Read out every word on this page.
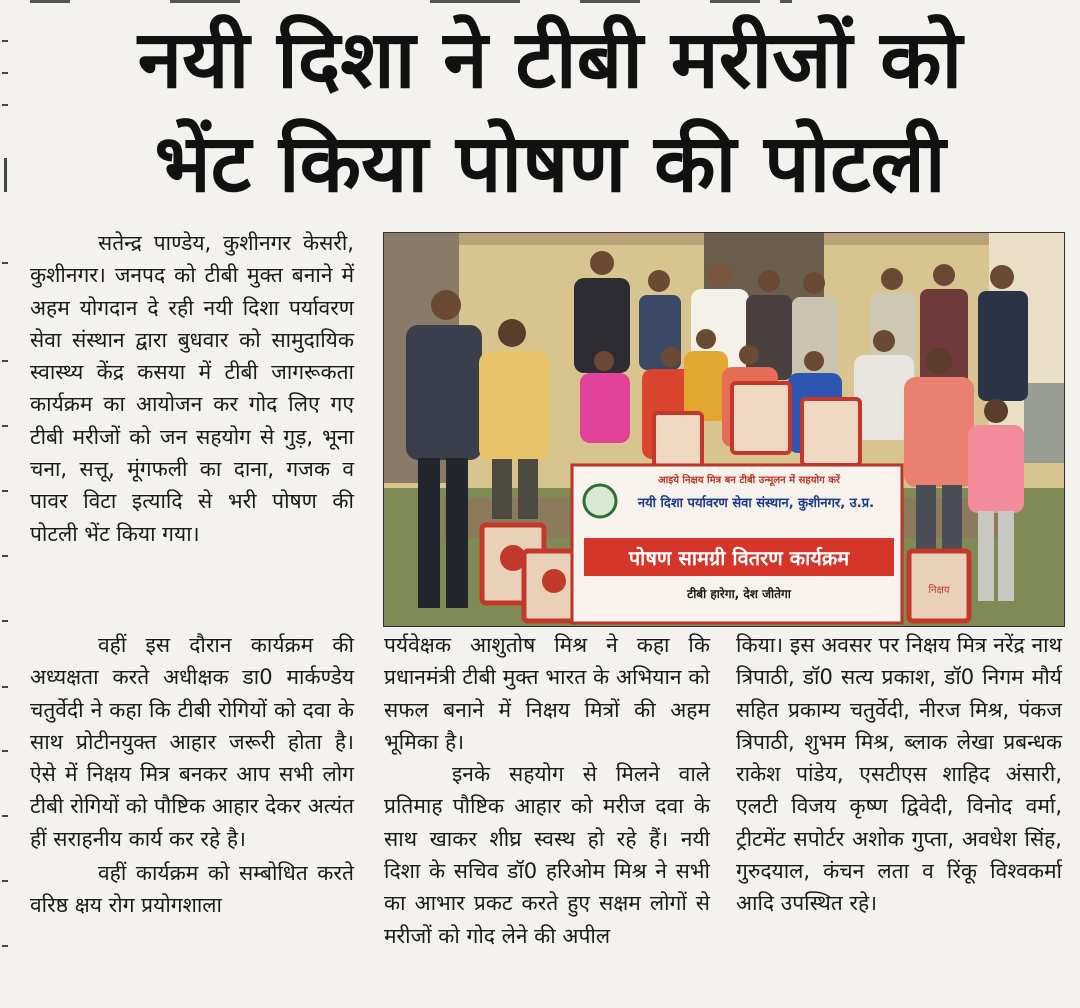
नयी दिशा ने टीबी मरीजों को
भेंट किया पोषण की पोटली

सतेन्द्र पाण्डेय, कुशीनगर केसरी, कुशीनगर। जनपद को टीबी मुक्त बनाने में अहम योगदान दे रही नयी दिशा पर्यावरण सेवा संस्थान द्वारा बुधवार को सामुदायिक स्वास्थ्य केंद्र कसया में टीबी जागरूकता कार्यक्रम का आयोजन कर गोद लिए गए टीबी मरीजों को जन सहयोग से गुड़, भूना चना, सत्तू, मूंगफली का दाना, गजक व पावर विटा इत्यादि से भरी पोषण की पोटली भेंट किया गया।

निक्षय
आइये निक्षय मित्र बन टीबी उन्मूलन में सहयोग करें
नयी दिशा पर्यावरण सेवा संस्थान, कुशीनगर, उ.प्र.
पोषण सामग्री वितरण कार्यक्रम
टीबी हारेगा, देश जीतेगा

वहीं इस दौरान कार्यक्रम की अध्यक्षता करते अधीक्षक डा0 मार्कण्डेय चतुर्वेदी ने कहा कि टीबी रोगियों को दवा के साथ प्रोटीनयुक्त आहार जरूरी होता है। ऐसे में निक्षय मित्र बनकर आप सभी लोग टीबी रोगियों को पौष्टिक आहार देकर अत्यंत हीं सराहनीय कार्य कर रहे है।

वहीं कार्यक्रम को सम्बोधित करते वरिष्ठ क्षय रोग प्रयोगशाला

पर्यवेक्षक आशुतोष मिश्र ने कहा कि प्रधानमंत्री टीबी मुक्त भारत के अभियान को सफल बनाने में निक्षय मित्रों की अहम भूमिका है।

इनके सहयोग से मिलने वाले प्रतिमाह पौष्टिक आहार को मरीज दवा के साथ खाकर शीघ्र स्वस्थ हो रहे हैं। नयी दिशा के सचिव डॉ0 हरिओम मिश्र ने सभी का आभार प्रकट करते हुए सक्षम लोगों से मरीजों को गोद लेने की अपील

किया। इस अवसर पर निक्षय मित्र नरेंद्र नाथ त्रिपाठी, डॉ0 सत्य प्रकाश, डॉ0 निगम मौर्य सहित प्रकाम्य चतुर्वेदी, नीरज मिश्र, पंकज त्रिपाठी, शुभम मिश्र, ब्लाक लेखा प्रबन्धक राकेश पांडेय, एसटीएस शाहिद अंसारी, एलटी विजय कृष्ण द्विवेदी, विनोद वर्मा, ट्रीटमेंट सपोर्टर अशोक गुप्ता, अवधेश सिंह, गुरुदयाल, कंचन लता व रिंकू विश्वकर्मा आदि उपस्थित रहे।
